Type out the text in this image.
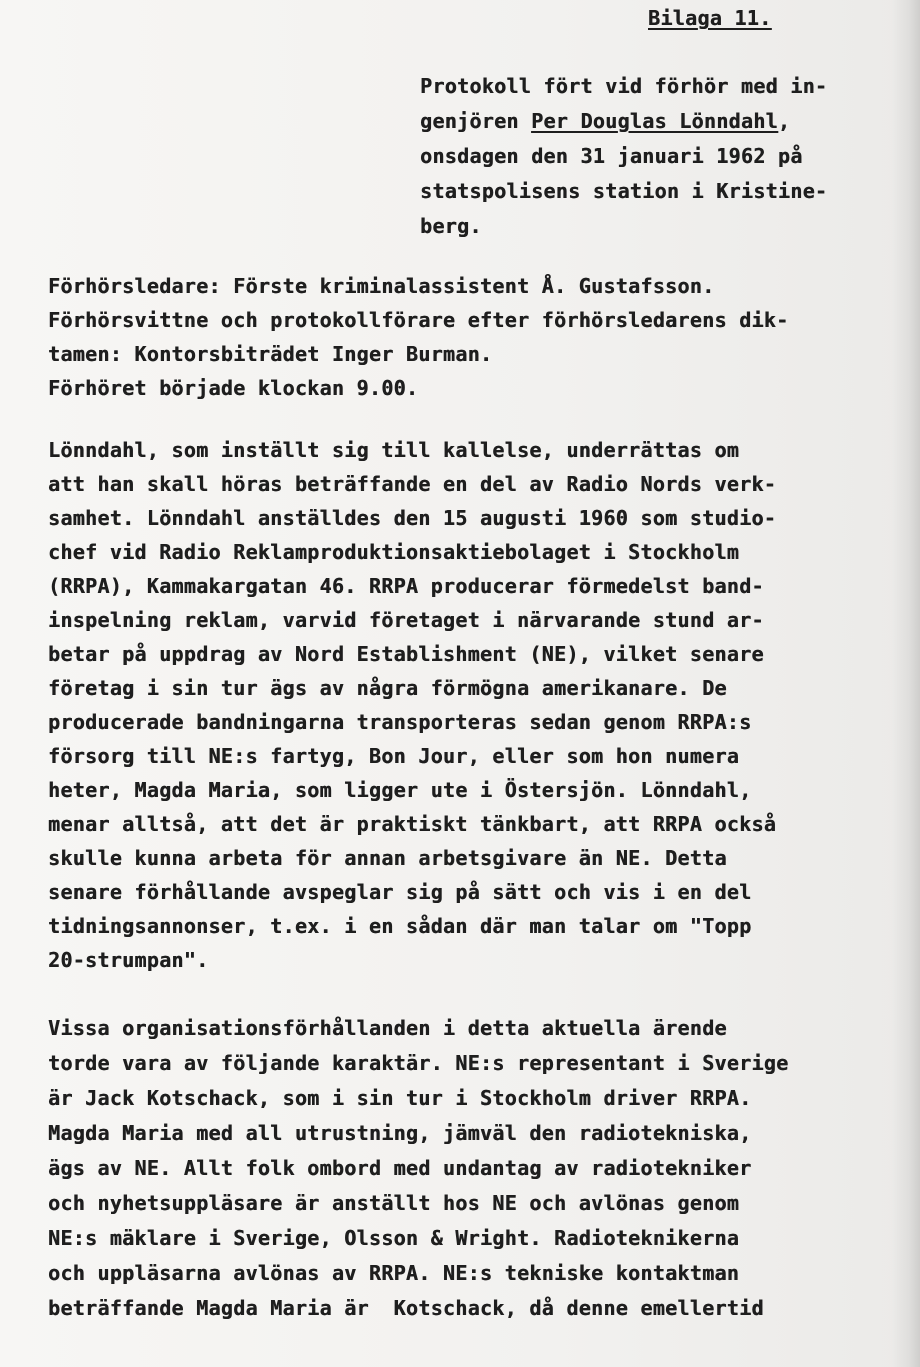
Bilaga 11.
Protokoll fört vid förhör med in-
genjören Per Douglas Lönndahl,
onsdagen den 31 januari 1962 på
statspolisens station i Kristine-
berg.
Förhörsledare: Förste kriminalassistent Å. Gustafsson.
Förhörsvittne och protokollförare efter förhörsledarens dik-
tamen: Kontorsbiträdet Inger Burman.
Förhöret började klockan 9.00.
Lönndahl, som inställt sig till kallelse, underrättas om
att han skall höras beträffande en del av Radio Nords verk-
samhet. Lönndahl anställdes den 15 augusti 1960 som studio-
chef vid Radio Reklamproduktionsaktiebolaget i Stockholm
(RRPA), Kammakargatan 46. RRPA producerar förmedelst band-
inspelning reklam, varvid företaget i närvarande stund ar-
betar på uppdrag av Nord Establishment (NE), vilket senare
företag i sin tur ägs av några förmögna amerikanare. De
producerade bandningarna transporteras sedan genom RRPA:s
försorg till NE:s fartyg, Bon Jour, eller som hon numera
heter, Magda Maria, som ligger ute i Östersjön. Lönndahl,
menar alltså, att det är praktiskt tänkbart, att RRPA också
skulle kunna arbeta för annan arbetsgivare än NE. Detta
senare förhållande avspeglar sig på sätt och vis i en del
tidningsannonser, t.ex. i en sådan där man talar om "Topp
20-strumpan".
Vissa organisationsförhållanden i detta aktuella ärende
torde vara av följande karaktär. NE:s representant i Sverige
är Jack Kotschack, som i sin tur i Stockholm driver RRPA.
Magda Maria med all utrustning, jämväl den radiotekniska,
ägs av NE. Allt folk ombord med undantag av radiotekniker
och nyhetsuppläsare är anställt hos NE och avlönas genom
NE:s mäklare i Sverige, Olsson & Wright. Radioteknikerna
och uppläsarna avlönas av RRPA. NE:s tekniske kontaktman
beträffande Magda Maria är  Kotschack, då denne emellertid
